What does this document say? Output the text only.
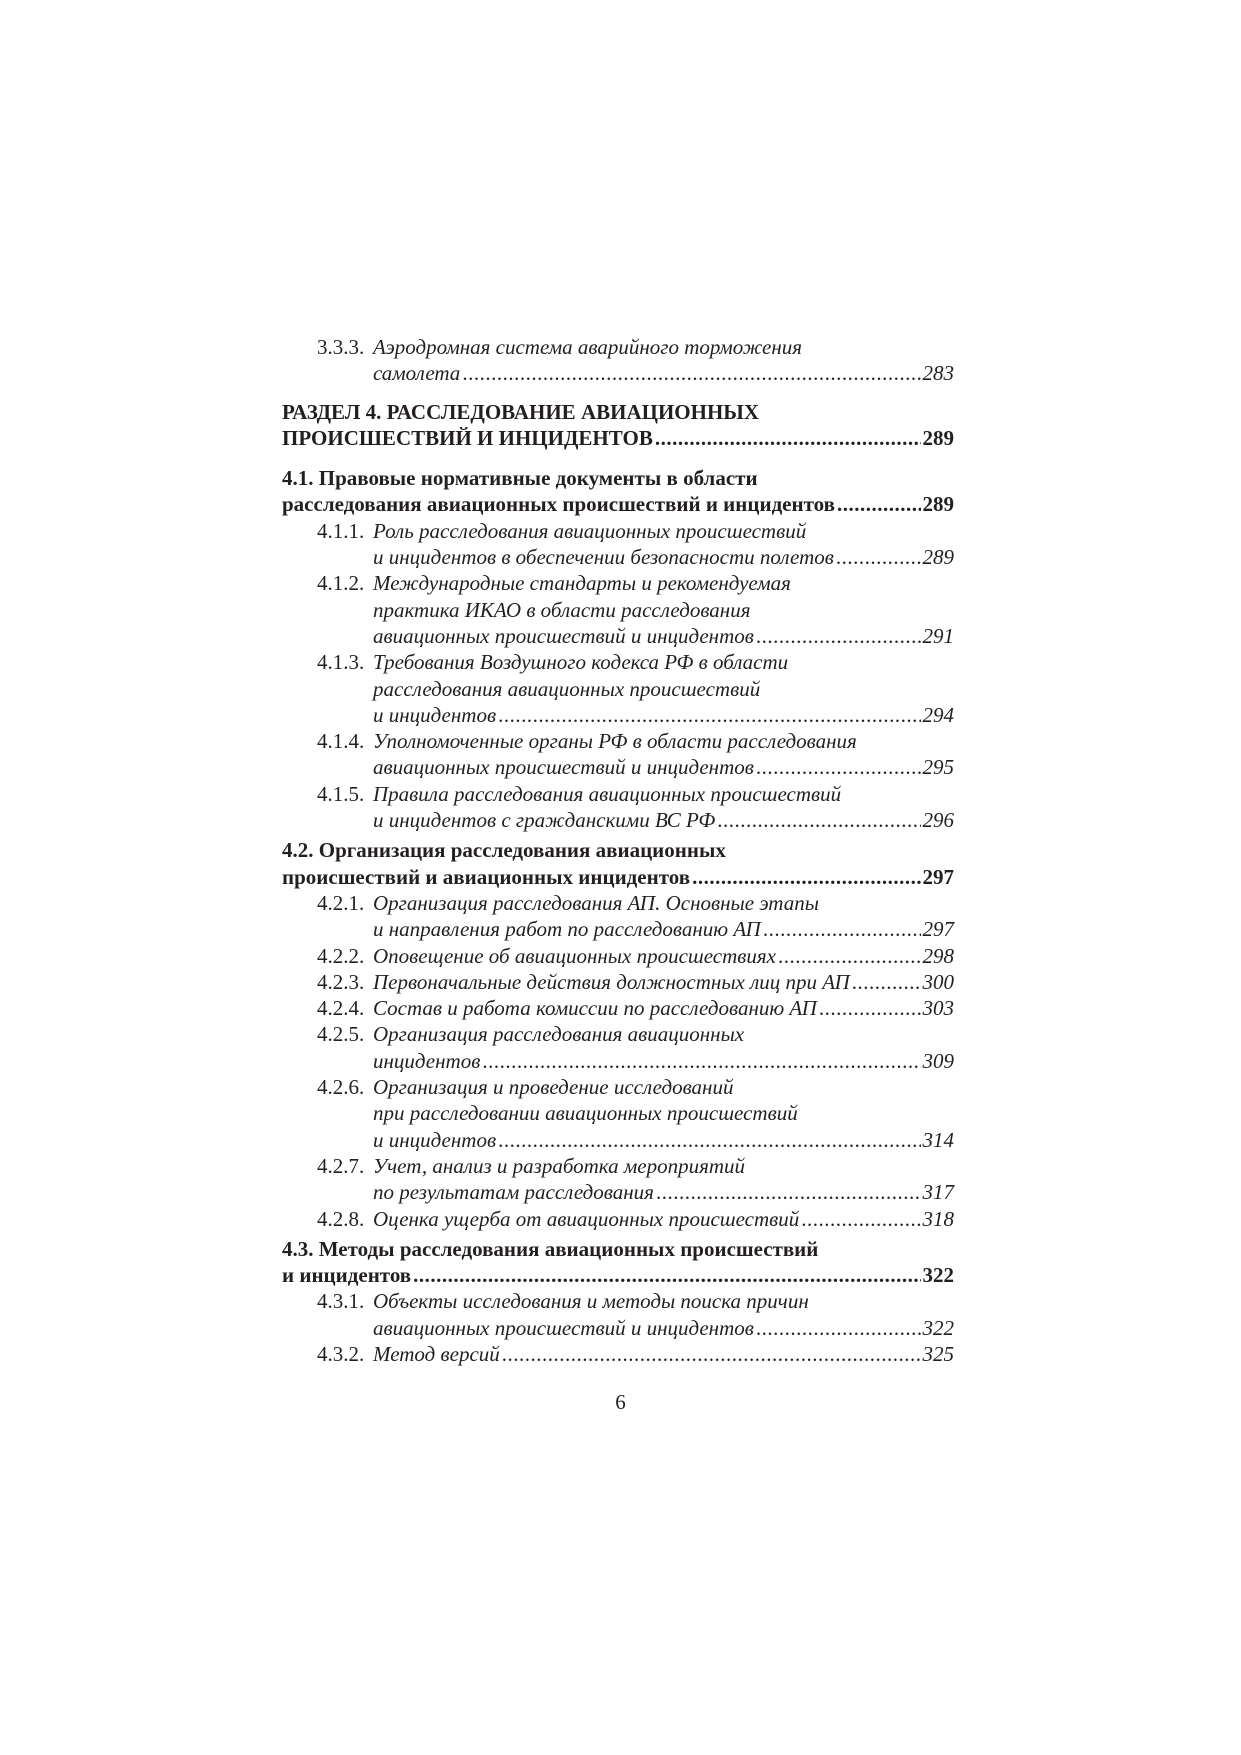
3.3.3. Аэродромная система аварийного торможения
самолета .....	283
РАЗДЕЛ 4. РАССЛЕДОВАНИЕ АВИАЦИОННЫХ
ПРОИСШЕСТВИЙ И ИНЦИДЕНТОВ .....	289
4.1. Правовые нормативные документы в области
расследования авиационных происшествий и инцидентов .....	289
4.1.1. Роль расследования авиационных происшествий
и инцидентов в обеспечении безопасности полетов .....	289
4.1.2. Международные стандарты и рекомендуемая
практика ИКАО в области расследования
авиационных происшествий и инцидентов .....	291
4.1.3. Требования Воздушного кодекса РФ в области
расследования авиационных происшествий
и инцидентов .....	294
4.1.4. Уполномоченные органы РФ в области расследования
авиационных происшествий и инцидентов .....	295
4.1.5. Правила расследования авиационных происшествий
и инцидентов с гражданскими ВС РФ .....	296
4.2. Организация расследования авиационных
происшествий и авиационных инцидентов .....	297
4.2.1. Организация расследования АП. Основные этапы
и направления работ по расследованию АП .....	297
4.2.2. Оповещение об авиационных происшествиях .....	298
4.2.3. Первоначальные действия должностных лиц при АП .....	300
4.2.4. Состав и работа комиссии по расследованию АП .....	303
4.2.5. Организация расследования авиационных
инцидентов .....	309
4.2.6. Организация и проведение исследований
при расследовании авиационных происшествий
и инцидентов .....	314
4.2.7. Учет, анализ и разработка мероприятий
по результатам расследования .....	317
4.2.8. Оценка ущерба от авиационных происшествий .....	318
4.3. Методы расследования авиационных происшествий
и инцидентов .....	322
4.3.1. Объекты исследования и методы поиска причин
авиационных происшествий и инцидентов .....	322
4.3.2. Метод версий .....	325
6
